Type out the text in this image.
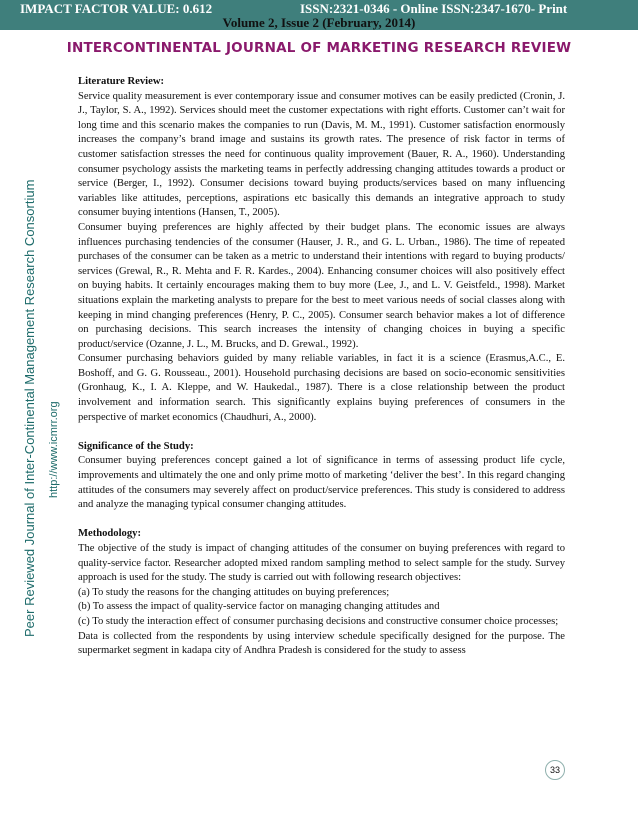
IMPACT FACTOR VALUE: 0.612	ISSN:2321-0346 - Online ISSN:2347-1670- Print
Volume 2, Issue 2 (February, 2014)
INTERCONTINENTAL JOURNAL OF MARKETING RESEARCH REVIEW
Peer Reviewed Journal of Inter-Continental Management Research Consortium http://www.icmrr.org
Literature Review:

Service quality measurement is ever contemporary issue and consumer motives can be easily predicted (Cronin, J. J., Taylor, S. A., 1992). Services should meet the customer expectations with right efforts. Customer can’t wait for long time and this scenario makes the companies to run (Davis, M. M., 1991). Customer satisfaction enormously increases the company’s brand image and sustains its growth rates. The presence of risk factor in terms of customer satisfaction stresses the need for continuous quality improvement (Bauer, R. A., 1960). Understanding consumer psychology assists the marketing teams in perfectly addressing changing attitudes towards a product or service (Berger, I., 1992). Consumer decisions toward buying products/services based on many influencing variables like attitudes, perceptions, aspirations etc basically this demands an integrative approach to study consumer buying intentions (Hansen, T., 2005).

Consumer buying preferences are highly affected by their budget plans. The economic issues are always influences purchasing tendencies of the consumer (Hauser, J. R., and G. L. Urban., 1986). The time of repeated purchases of the consumer can be taken as a metric to understand their intentions with regard to buying products/ services (Grewal, R., R. Mehta and F. R. Kardes., 2004). Enhancing consumer choices will also positively effect on buying habits. It certainly encourages making them to buy more (Lee, J., and L. V. Geistfeld., 1998). Market situations explain the marketing analysts to prepare for the best to meet various needs of social classes along with keeping in mind changing preferences (Henry, P. C., 2005). Consumer search behavior makes a lot of difference on purchasing decisions. This search increases the intensity of changing choices in buying a specific product/service (Ozanne, J. L., M. Brucks, and D. Grewal., 1992).

Consumer purchasing behaviors guided by many reliable variables, in fact it is a science (Erasmus,A.C., E. Boshoff, and G. G. Rousseau., 2001). Household purchasing decisions are based on socio-economic sensitivities (Gronhaug, K., I. A. Kleppe, and W. Haukedal., 1987). There is a close relationship between the product involvement and information search. This significantly explains buying preferences of consumers in the perspective of market economics (Chaudhuri, A., 2000).

Significance of the Study:

Consumer buying preferences concept gained a lot of significance in terms of assessing product life cycle, improvements and ultimately the one and only prime motto of marketing ‘deliver the best’. In this regard changing attitudes of the consumers may severely affect on product/service preferences. This study is considered to address and analyze the managing typical consumer changing attitudes.

Methodology:

The objective of the study is impact of changing attitudes of the consumer on buying preferences with regard to quality-service factor. Researcher adopted mixed random sampling method to select sample for the study. Survey approach is used for the study. The study is carried out with following research objectives:

(a) To study the reasons for the changing attitudes on buying preferences;

(b) To assess the impact of quality-service factor on managing changing attitudes and

(c) To study the interaction effect of consumer purchasing decisions and constructive consumer choice processes;

Data is collected from the respondents by using interview schedule specifically designed for the purpose. The supermarket segment in kadapa city of Andhra Pradesh is considered for the study to assess

33
